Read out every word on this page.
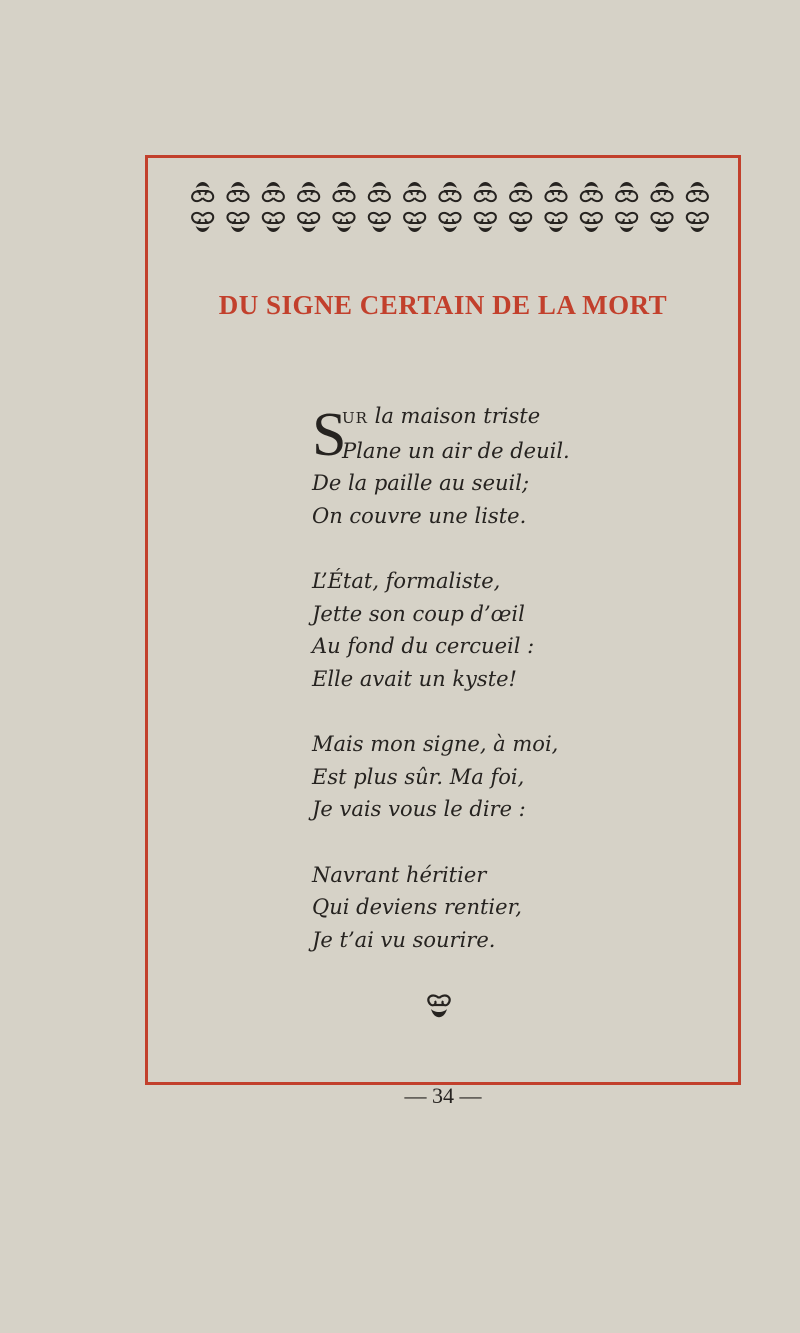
DU SIGNE CERTAIN DE LA MORT
S
UR la maison triste
Plane un air de deuil.
De la paille au seuil;
On couvre une liste.
L’État, formaliste,
Jette son coup d’œil
Au fond du cercueil :
Elle avait un kyste!
Mais mon signe, à moi,
Est plus sûr. Ma foi,
Je vais vous le dire :
Navrant héritier
Qui deviens rentier,
Je t’ai vu sourire.
— 34 —
